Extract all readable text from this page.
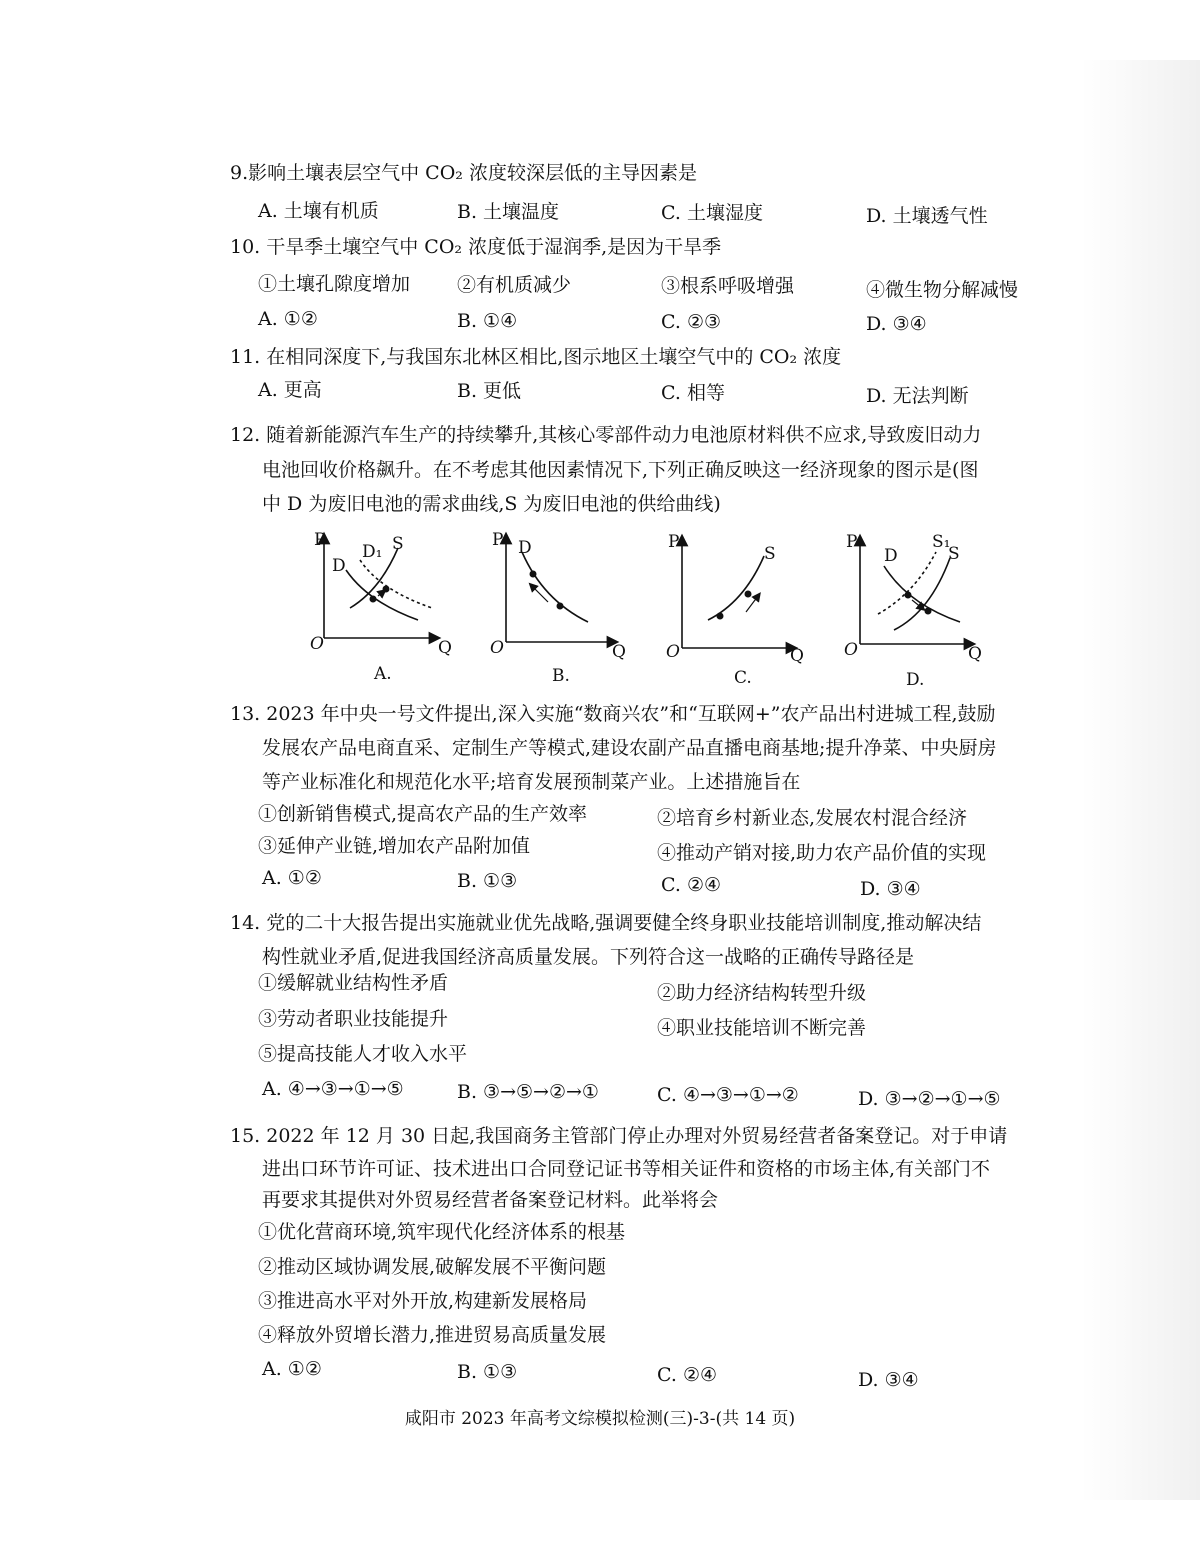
9.影响土壤表层空气中 CO₂ 浓度较深层低的主导因素是
A. 土壤有机质	B. 土壤温度	C. 土壤湿度	D. 土壤透气性
10. 干旱季土壤空气中 CO₂ 浓度低于湿润季,是因为干旱季
①土壤孔隙度增加 ②有机质减少	③根系呼吸增强	④微生物分解减慢
A. ①②	B. ①④	C. ②③	D. ③④
11. 在相同深度下,与我国东北林区相比,图示地区土壤空气中的 CO₂ 浓度
A. 更高	B. 更低	C. 相等	D. 无法判断
12. 随着新能源汽车生产的持续攀升,其核心零部件动力电池原材料供不应求,导致废旧动力
电池回收价格飙升。在不考虑其他因素情况下,下列正确反映这一经济现象的图示是(图
中 D 为废旧电池的需求曲线,S 为废旧电池的供给曲线)
P
O	Q
D₁ S
D
A.
P
O	Q
D
B.
P
O	Q
S
C.
P
O	Q
D
S₁
S
D.
13. 2023 年中央一号文件提出,深入实施“数商兴农”和“互联网+”农产品出村进城工程,鼓励
发展农产品电商直采、定制生产等模式,建设农副产品直播电商基地;提升净菜、中央厨房
等产业标准化和规范化水平;培育发展预制菜产业。上述措施旨在
①创新销售模式,提高农产品的生产效率	②培育乡村新业态,发展农村混合经济
③延伸产业链,增加农产品附加值	④推动产销对接,助力农产品价值的实现
A. ①②	B. ①③	C. ②④	D. ③④
14. 党的二十大报告提出实施就业优先战略,强调要健全终身职业技能培训制度,推动解决结
构性就业矛盾,促进我国经济高质量发展。下列符合这一战略的正确传导路径是
①缓解就业结构性矛盾	②助力经济结构转型升级
③劳动者职业技能提升	④职业技能培训不断完善
⑤提高技能人才收入水平
A. ④→③→①→⑤	B. ③→⑤→②→①	C. ④→③→①→②	D. ③→②→①→⑤
15. 2022 年 12 月 30 日起,我国商务主管部门停止办理对外贸易经营者备案登记。对于申请
进出口环节许可证、技术进出口合同登记证书等相关证件和资格的市场主体,有关部门不
再要求其提供对外贸易经营者备案登记材料。此举将会
①优化营商环境,筑牢现代化经济体系的根基
②推动区域协调发展,破解发展不平衡问题
③推进高水平对外开放,构建新发展格局
④释放外贸增长潜力,推进贸易高质量发展
A. ①②	B. ①③	C. ②④	D. ③④
咸阳市 2023 年高考文综模拟检测(三)-3-(共 14 页)
